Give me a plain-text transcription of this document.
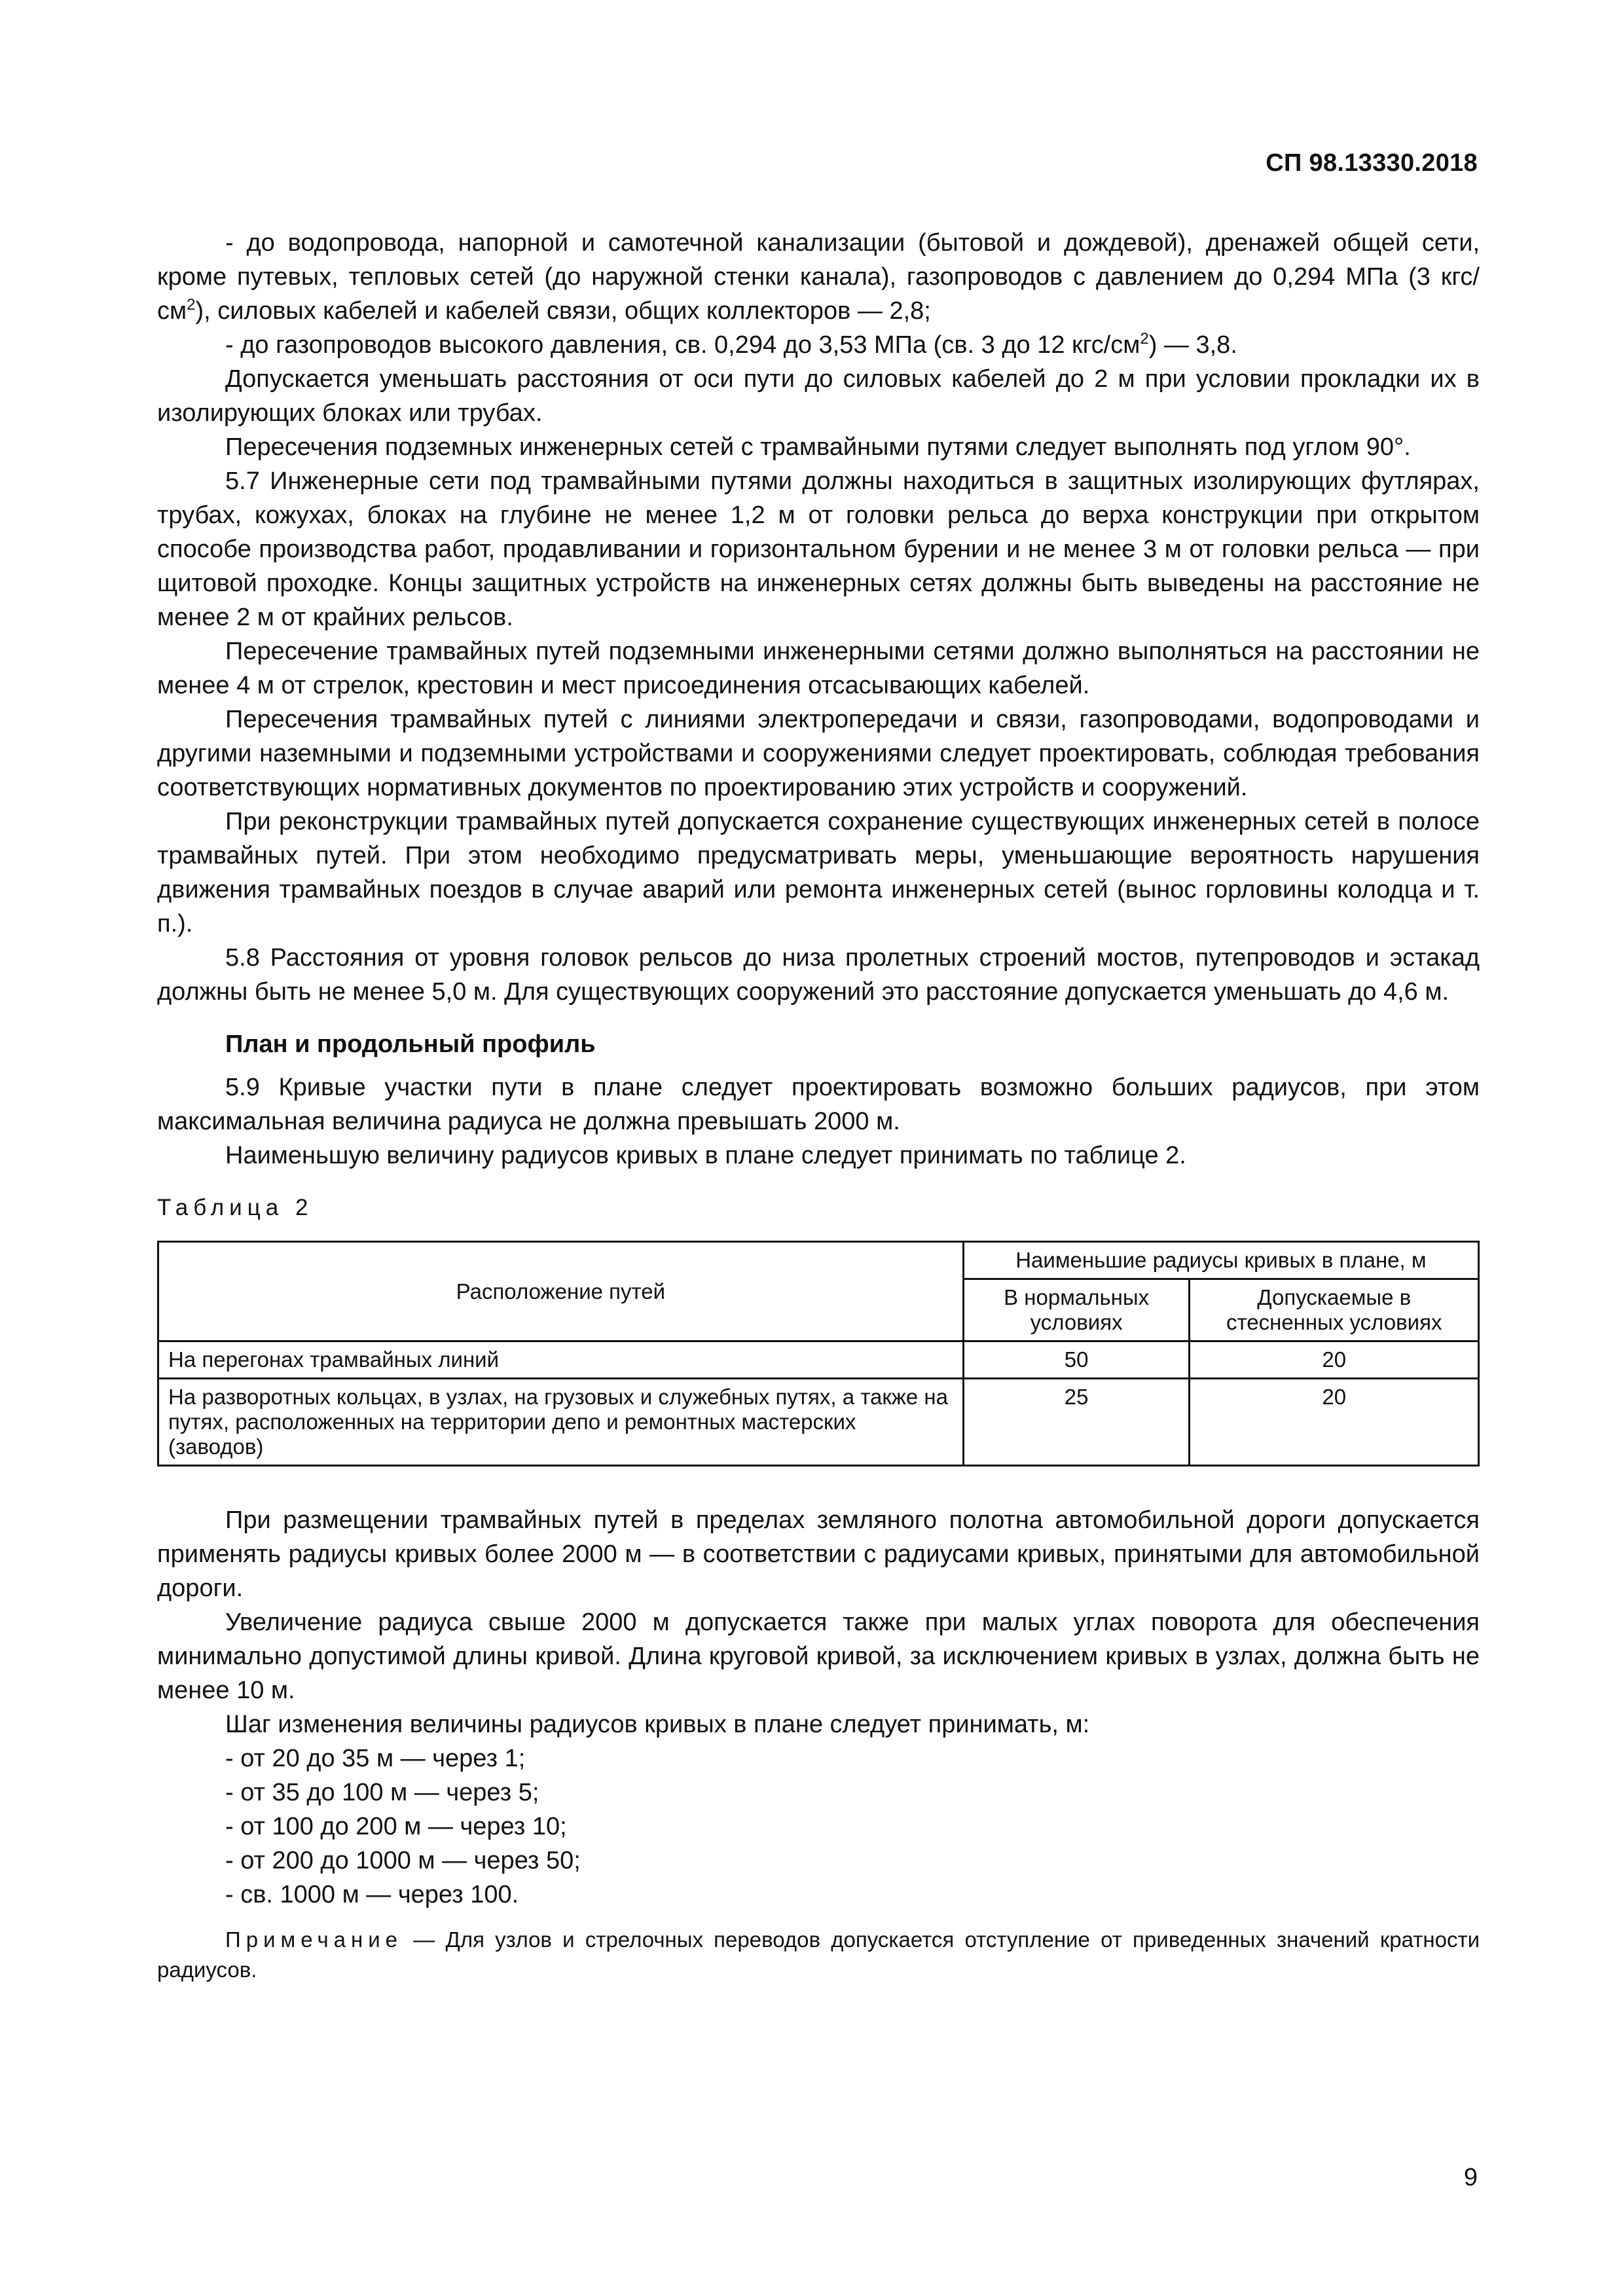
СП 98.13330.2018

- до водопровода, напорной и самотечной канализации (бытовой и дождевой), дренажей общей сети, кроме путевых, тепловых сетей (до наружной стенки канала), газопроводов с давлением до 0,294 МПа (3 кгс/$см^2$), силовых кабелей и кабелей связи, общих коллекторов — 2,8;

- до газопроводов высокого давления, св. 0,294 до 3,53 МПа (св. 3 до 12 кгс/$см^2$) — 3,8.

Допускается уменьшать расстояния от оси пути до силовых кабелей до 2 м при условии прокладки их в изолирующих блоках или трубах.

Пересечения подземных инженерных сетей с трамвайными путями следует выполнять под углом 90°.

5.7 Инженерные сети под трамвайными путями должны находиться в защитных изолирующих футлярах, трубах, кожухах, блоках на глубине не менее 1,2 м от головки рельса до верха конструкции при открытом способе производства работ, продавливании и горизонтальном бурении и не менее 3 м от головки рельса — при щитовой проходке. Концы защитных устройств на инженерных сетях должны быть выведены на расстояние не менее 2 м от крайних рельсов.

Пересечение трамвайных путей подземными инженерными сетями должно выполняться на расстоянии не менее 4 м от стрелок, крестовин и мест присоединения отсасывающих кабелей.

Пересечения трамвайных путей с линиями электропередачи и связи, газопроводами, водопроводами и другими наземными и подземными устройствами и сооружениями следует проектировать, соблюдая требования соответствующих нормативных документов по проектированию этих устройств и сооружений.

При реконструкции трамвайных путей допускается сохранение существующих инженерных сетей в полосе трамвайных путей. При этом необходимо предусматривать меры, уменьшающие вероятность нарушения движения трамвайных поездов в случае аварий или ремонта инженерных сетей (вынос горловины колодца и т. п.).

5.8 Расстояния от уровня головок рельсов до низа пролетных строений мостов, путепроводов и эстакад должны быть не менее 5,0 м. Для существующих сооружений это расстояние допускается уменьшать до 4,6 м.

План и продольный профиль

5.9 Кривые участки пути в плане следует проектировать возможно больших радиусов, при этом максимальная величина радиуса не должна превышать 2000 м.

Наименьшую величину радиусов кривых в плане следует принимать по таблице 2.

Таблица 2

Расположение путей	Наименьшие радиусы кривых в плане, м	
	В нормальных условиях	Допускаемые в стесненных условиях
На перегонах трамвайных линий	50	20
На разворотных кольцах, в узлах, на грузовых и служебных путях, а также на путях, расположенных на территории депо и ремонтных мастерских (заводов)	25	20

При размещении трамвайных путей в пределах земляного полотна автомобильной дороги допускается применять радиусы кривых более 2000 м — в соответствии с радиусами кривых, принятыми для автомобильной дороги.

Увеличение радиуса свыше 2000 м допускается также при малых углах поворота для обеспечения минимально допустимой длины кривой. Длина круговой кривой, за исключением кривых в узлах, должна быть не менее 10 м.

Шаг изменения величины радиусов кривых в плане следует принимать, м:

- от 20 до 35 м — через 1;

- от 35 до 100 м — через 5;

- от 100 до 200 м — через 10;

- от 200 до 1000 м — через 50;

- св. 1000 м — через 100.

Примечание — Для узлов и стрелочных переводов допускается отступление от приведенных значений кратности радиусов.

9
